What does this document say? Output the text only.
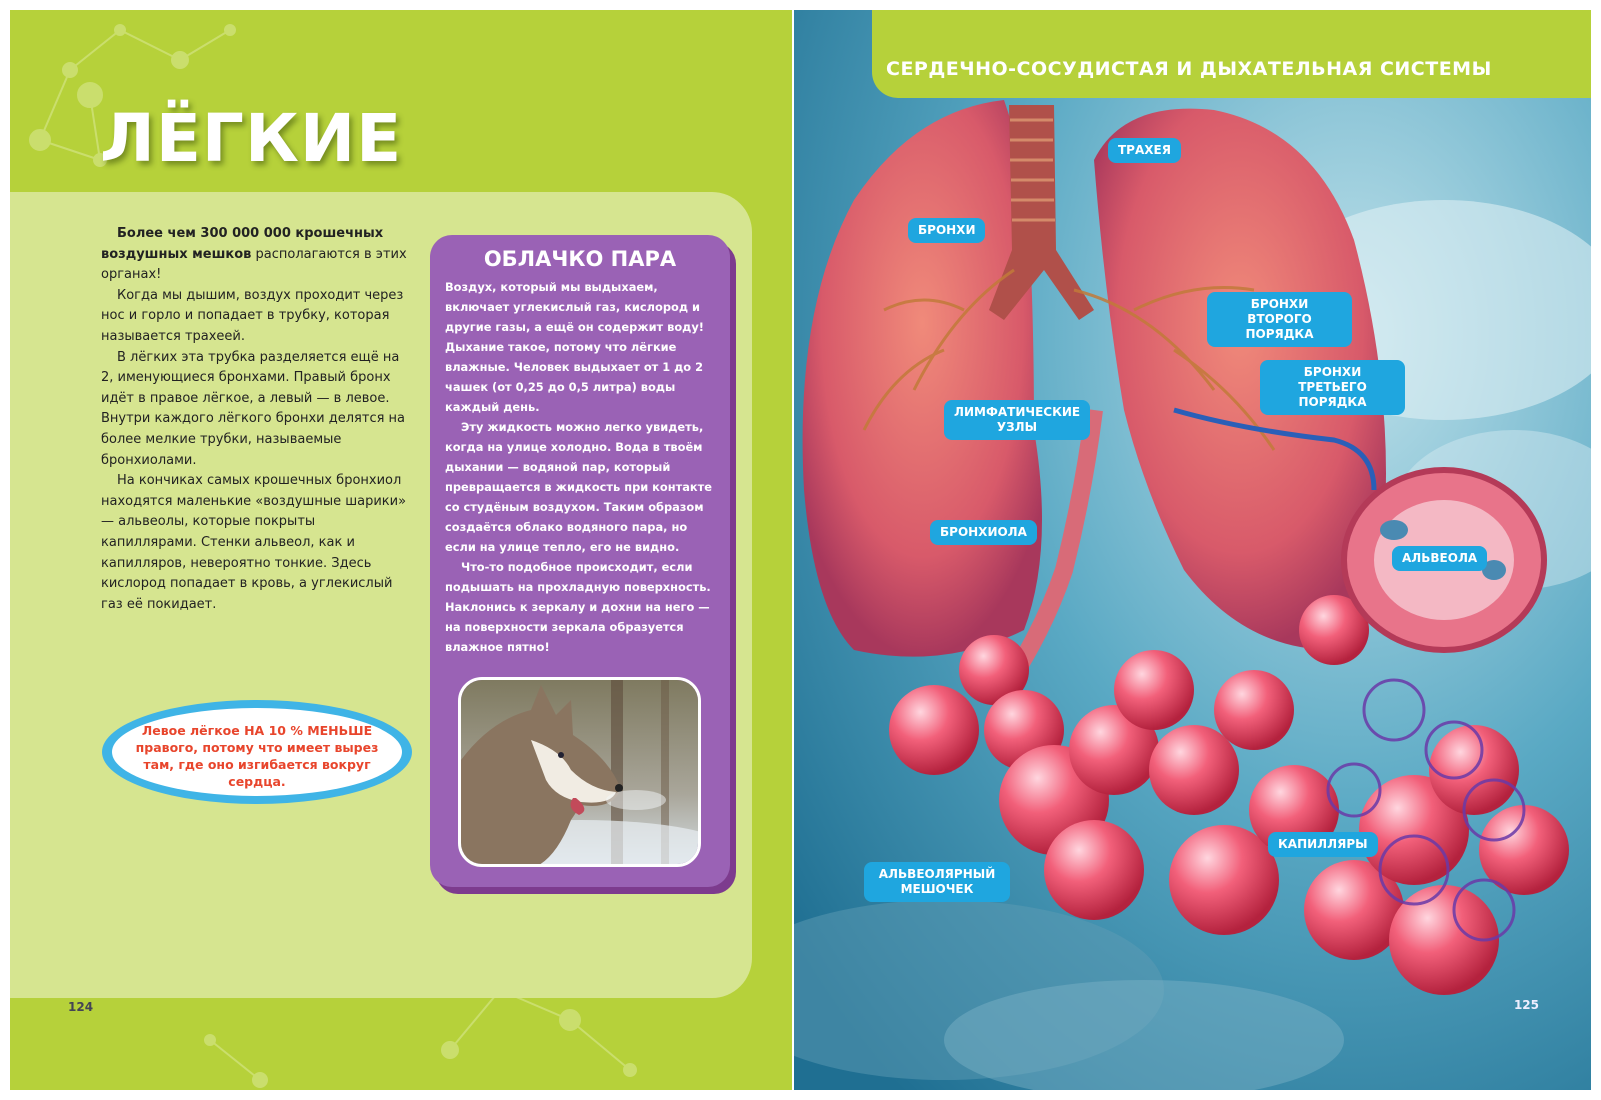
ЛЁГКИЕ

Более чем 300 000 000 крошечных воздушных мешков располагаются в этих органах!

Когда мы дышим, воздух проходит через нос и горло и попадает в трубку, которая называется трахеей.

В лёгких эта трубка разделяется ещё на 2, именующиеся бронхами. Правый бронх идёт в правое лёгкое, а левый — в левое. Внутри каждого лёгкого бронхи делятся на более мелкие трубки, называемые бронхиолами.

На кончиках самых крошечных бронхиол находятся маленькие «воздушные шарики» — альвеолы, которые покрыты капиллярами. Стенки альвеол, как и капилляров, невероятно тонкие. Здесь кислород попадает в кровь, а углекислый газ её покидает.

ОБЛАЧКО ПАРА

Воздух, который мы выдыхаем, включает углекислый газ, кислород и другие газы, а ещё он содержит воду! Дыхание такое, потому что лёгкие влажные. Человек выдыхает от 1 до 2 чашек (от 0,25 до 0,5 литра) воды каждый день.

Эту жидкость можно легко увидеть, когда на улице холодно. Вода в твоём дыхании — водяной пар, который превращается в жидкость при контакте со студёным воздухом. Таким образом создаётся облако водяного пара, но если на улице тепло, его не видно.

Что-то подобное происходит, если подышать на прохладную поверхность. Наклонись к зеркалу и дохни на него — на поверхности зеркала образуется влажное пятно!

Левое лёгкое НА 10 % МЕНЬШЕ правого, потому что имеет вырез там, где оно изгибается вокруг сердца.
124
СЕРДЕЧНО-СОСУДИСТАЯ И ДЫХАТЕЛЬНАЯ СИСТЕМЫ
ТРАХЕЯ
БРОНХИ
БРОНХИ ВТОРОГО ПОРЯДКА
БРОНХИ ТРЕТЬЕГО ПОРЯДКА
ЛИМФАТИЧЕСКИЕ УЗЛЫ
БРОНХИОЛА
АЛЬВЕОЛА
КАПИЛЛЯРЫ
АЛЬВЕОЛЯРНЫЙ МЕШОЧЕК
125
